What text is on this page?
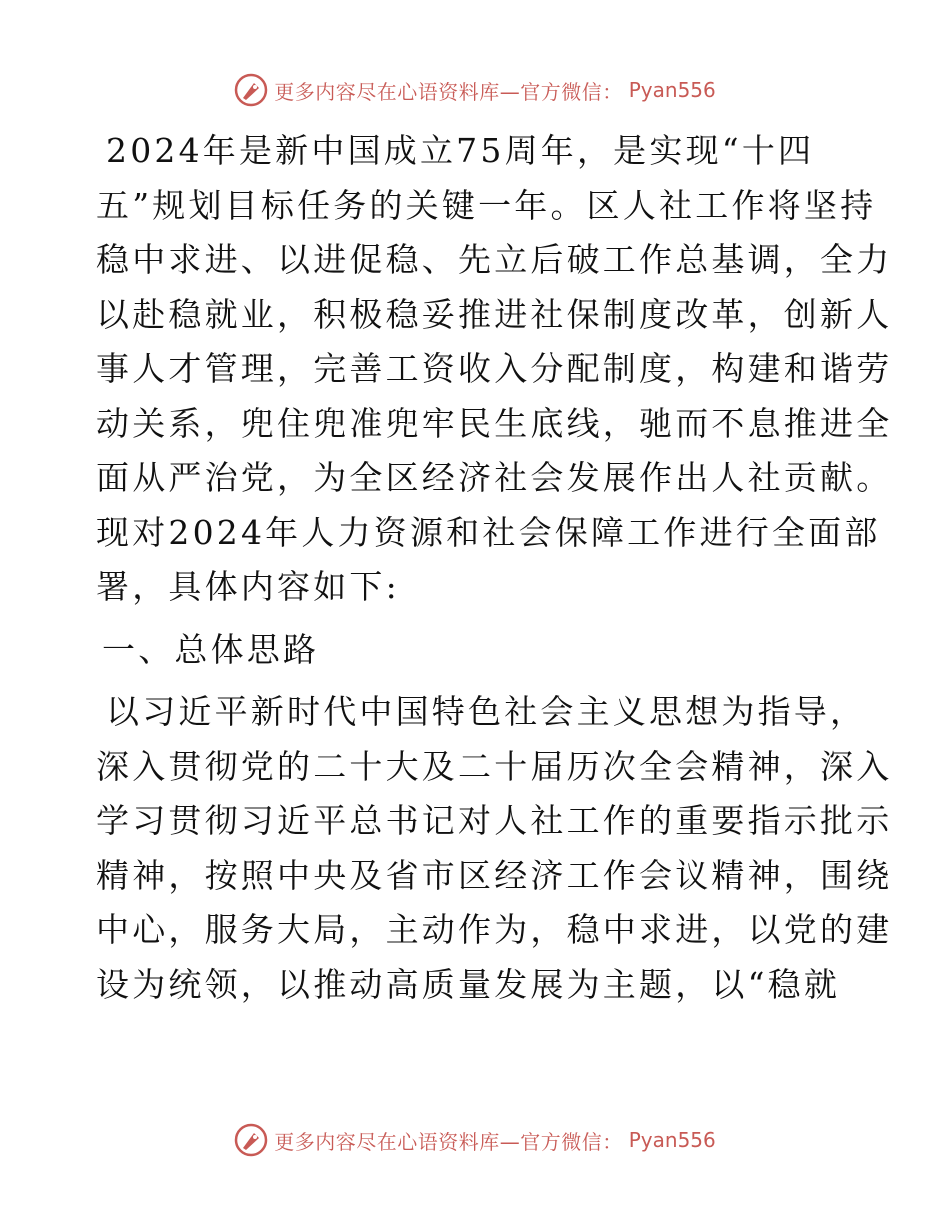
更多内容尽在心语资料库—官方微信： Pyan556
2024年是新中国成立75周年，是实现“十四
五”规划目标任务的关键一年。区人社工作将坚持
稳中求进、以进促稳、先立后破工作总基调，全力
以赴稳就业，积极稳妥推进社保制度改革，创新人
事人才管理，完善工资收入分配制度，构建和谐劳
动关系，兜住兜准兜牢民生底线，驰而不息推进全
面从严治党，为全区经济社会发展作出人社贡献。
现对2024年人力资源和社会保障工作进行全面部
署，具体内容如下:
一、总体思路
以习近平新时代中国特色社会主义思想为指导，
深入贯彻党的二十大及二十届历次全会精神，深入
学习贯彻习近平总书记对人社工作的重要指示批示
精神，按照中央及省市区经济工作会议精神，围绕
中心，服务大局，主动作为，稳中求进，以党的建
设为统领，以推动高质量发展为主题，以“稳就
更多内容尽在心语资料库—官方微信： Pyan556
